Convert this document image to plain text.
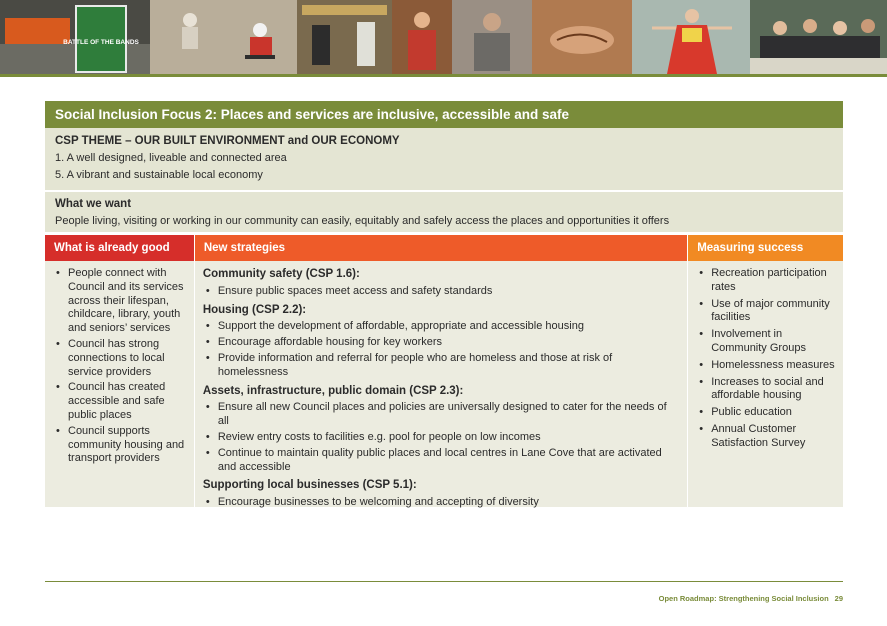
BATTLE OF THE BANDS
Social Inclusion Focus 2: Places and services are inclusive, accessible and safe
CSP THEME – OUR BUILT ENVIRONMENT and OUR ECONOMY
1. A well designed, liveable and connected area
5. A vibrant and sustainable local economy
What we want
People living, visiting or working in our community can easily, equitably and safely access the places and opportunities it offers
What is already good	New strategies	Measuring success
• People connect with Council and its services across their lifespan, childcare, library, youth and seniors’ services
• Council has strong connections to local service providers
• Council has created accessible and safe public places
• Council supports community housing and transport providers
Community safety (CSP 1.6):
• Ensure public spaces meet access and safety standards
Housing (CSP 2.2):
• Support the development of affordable, appropriate and accessible housing
• Encourage affordable housing for key workers
• Provide information and referral for people who are homeless and those at risk of homelessness
Assets, infrastructure, public domain (CSP 2.3):
• Ensure all new Council places and policies are universally designed to cater for the needs of all
• Review entry costs to facilities e.g. pool for people on low incomes
• Continue to maintain quality public places and local centres in Lane Cove that are activated and accessible
Supporting local businesses (CSP 5.1):
• Encourage businesses to be welcoming and accepting of diversity
• Recreation participation rates
• Use of major community facilities
• Involvement in Community Groups
• Homelessness measures
• Increases to social and affordable housing
• Public education
• Annual Customer Satisfaction Survey
Open Roadmap: Strengthening Social Inclusion 29
